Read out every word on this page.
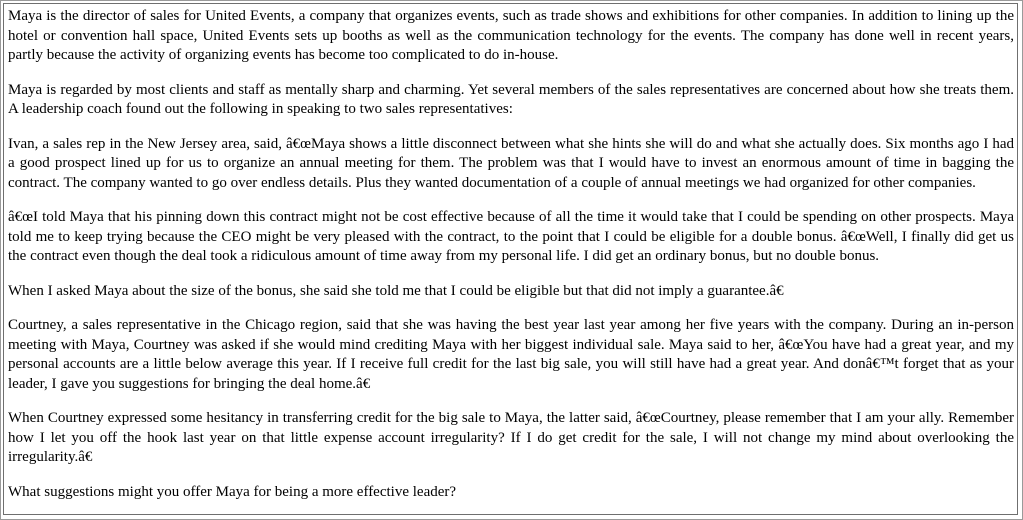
Maya is the director of sales for United Events, a company that organizes events, such as trade shows and exhibitions for other companies. In addition to lining up the hotel or convention hall space, United Events sets up booths as well as the communication technology for the events. The company has done well in recent years, partly because the activity of organizing events has become too complicated to do in-house.

Maya is regarded by most clients and staff as mentally sharp and charming. Yet several members of the sales representatives are concerned about how she treats them. A leadership coach found out the following in speaking to two sales representatives:

Ivan, a sales rep in the New Jersey area, said, â€œMaya shows a little disconnect between what she hints she will do and what she actually does. Six months ago I had a good prospect lined up for us to organize an annual meeting for them. The problem was that I would have to invest an enormous amount of time in bagging the contract. The company wanted to go over endless details. Plus they wanted documentation of a couple of annual meetings we had organized for other companies.

â€œI told Maya that his pinning down this contract might not be cost effective because of all the time it would take that I could be spending on other prospects. Maya told me to keep trying because the CEO might be very pleased with the contract, to the point that I could be eligible for a double bonus. â€œWell, I finally did get us the contract even though the deal took a ridiculous amount of time away from my personal life. I did get an ordinary bonus, but no double bonus.

When I asked Maya about the size of the bonus, she said she told me that I could be eligible but that did not imply a guarantee.â€

Courtney, a sales representative in the Chicago region, said that she was having the best year last year among her five years with the company. During an in-person meeting with Maya, Courtney was asked if she would mind crediting Maya with her biggest individual sale. Maya said to her, â€œYou have had a great year, and my personal accounts are a little below average this year. If I receive full credit for the last big sale, you will still have had a great year. And donâ€™t forget that as your leader, I gave you suggestions for bringing the deal home.â€

When Courtney expressed some hesitancy in transferring credit for the big sale to Maya, the latter said, â€œCourtney, please remember that I am your ally. Remember how I let you off the hook last year on that little expense account irregularity? If I do get credit for the sale, I will not change my mind about overlooking the irregularity.â€

What suggestions might you offer Maya for being a more effective leader?
